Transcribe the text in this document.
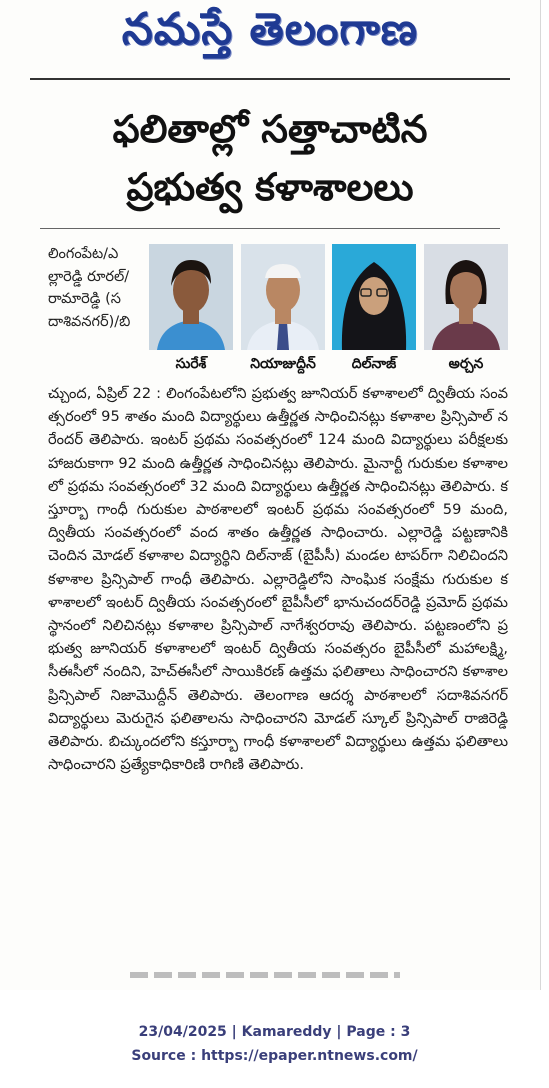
నమస్తే తెలంగాణ
ఫలితాల్లో సత్తాచాటిన
ప్రభుత్వ కళాశాలలు
లింగంపేట/ఎల్లారెడ్డి రూరల్/రామారెడ్డి (సదాశివనగర్)/బి
సురేశ్	నియాజుద్దీన్	దిల్‌నాజ్	అర్చన
చ్చుంద, ఏప్రిల్ 22 : లింగంపేటలోని ప్రభుత్వ జూనియర్ కళాశాలలో ద్వితీయ సంవత్సరంలో 95 శాతం మంది విద్యార్థులు ఉత్తీర్ణత సాధించినట్లు కళాశాల ప్రిన్సిపాల్ నరేందర్ తెలిపారు. ఇంటర్ ప్రథమ సంవత్సరంలో 124 మంది విద్యార్థులు పరీక్షలకు హాజరుకాగా 92 మంది ఉత్తీర్ణత సాధించినట్లు తెలిపారు. మైనార్టీ గురుకుల కళాశాలలో ప్రథమ సంవత్సరంలో 32 మంది విద్యార్థులు ఉత్తీర్ణత సాధించినట్లు తెలిపారు. కస్తూర్బా గాంధీ గురుకుల పాఠశాలలో ఇంటర్ ప్రథమ సంవత్సరంలో 59 మంది, ద్వితీయ సంవత్సరంలో వంద శాతం ఉత్తీర్ణత సాధించారు. ఎల్లారెడ్డి పట్టణానికి చెందిన మోడల్ కళాశాల విద్యార్థిని దిల్‌నాజ్ (బైపీసీ) మండల టాపర్‌గా నిలిచిందని కళాశాల ప్రిన్సిపాల్ గాంధీ తెలిపారు. ఎల్లారెడ్డిలోని సాంఘిక సంక్షేమ గురుకుల కళాశాలలో ఇంటర్ ద్వితీయ సంవత్సరంలో బైపీసీలో భానుచందర్‌రెడ్డి ప్రమోద్ ప్రథమ స్థానంలో నిలిచినట్లు కళాశాల ప్రిన్సిపాల్ నాగేశ్వరరావు తెలిపారు. పట్టణంలోని ప్రభుత్వ జూనియర్ కళాశాలలో ఇంటర్ ద్వితీయ సంవత్సరం బైపీసీలో మహాలక్ష్మి, సీఈసీలో నందిని, హెచ్‌ఈసీలో సాయికిరణ్ ఉత్తమ ఫలితాలు సాధించారని కళాశాల ప్రిన్సిపాల్ నిజామొద్దీన్ తెలిపారు. తెలంగాణ ఆదర్శ పాఠశాలలో సదాశివనగర్ విద్యార్థులు మెరుగైన ఫలితాలను సాధించారని మోడల్ స్కూల్ ప్రిన్సిపాల్ రాజిరెడ్డి తెలిపారు. బిచ్కుందలోని కస్తూర్బా గాంధీ కళాశాలలో విద్యార్థులు ఉత్తమ ఫలితాలు సాధించారని ప్రత్యేకాధికారిణి రాగిణి తెలిపారు.
23/04/2025 | Kamareddy | Page : 3
Source : https://epaper.ntnews.com/
